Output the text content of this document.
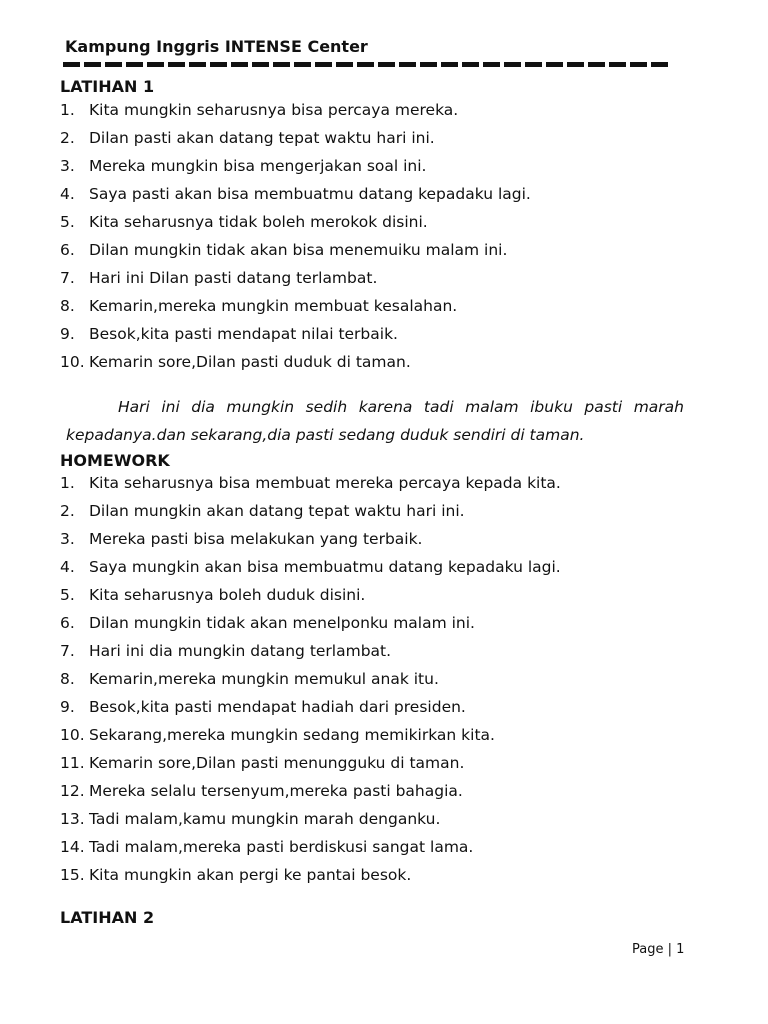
Kampung Inggris INTENSE Center
LATIHAN 1
1. Kita mungkin seharusnya bisa percaya mereka.
2. Dilan pasti akan datang tepat waktu hari ini.
3. Mereka mungkin bisa mengerjakan soal ini.
4. Saya pasti akan bisa membuatmu datang kepadaku lagi.
5. Kita seharusnya tidak boleh merokok disini.
6. Dilan mungkin tidak akan bisa menemuiku malam ini.
7. Hari ini Dilan pasti datang terlambat.
8. Kemarin,mereka mungkin membuat kesalahan.
9. Besok,kita pasti mendapat nilai terbaik.
10. Kemarin sore,Dilan pasti duduk di taman.

Hari ini dia mungkin sedih karena tadi malam ibuku pasti marah kepadanya.dan sekarang,dia pasti sedang duduk sendiri di taman.

HOMEWORK
1. Kita seharusnya bisa membuat mereka percaya kepada kita.
2. Dilan mungkin akan datang tepat waktu hari ini.
3. Mereka pasti bisa melakukan yang terbaik.
4. Saya mungkin akan bisa membuatmu datang kepadaku lagi.
5. Kita seharusnya boleh duduk disini.
6. Dilan mungkin tidak akan menelponku malam ini.
7. Hari ini dia mungkin datang terlambat.
8. Kemarin,mereka mungkin memukul anak itu.
9. Besok,kita pasti mendapat hadiah dari presiden.
10. Sekarang,mereka mungkin sedang memikirkan kita.
11. Kemarin sore,Dilan pasti menungguku di taman.
12. Mereka selalu tersenyum,mereka pasti bahagia.
13. Tadi malam,kamu mungkin marah denganku.
14. Tadi malam,mereka pasti berdiskusi sangat lama.
15. Kita mungkin akan pergi ke pantai besok.
LATIHAN 2
Page | 1
